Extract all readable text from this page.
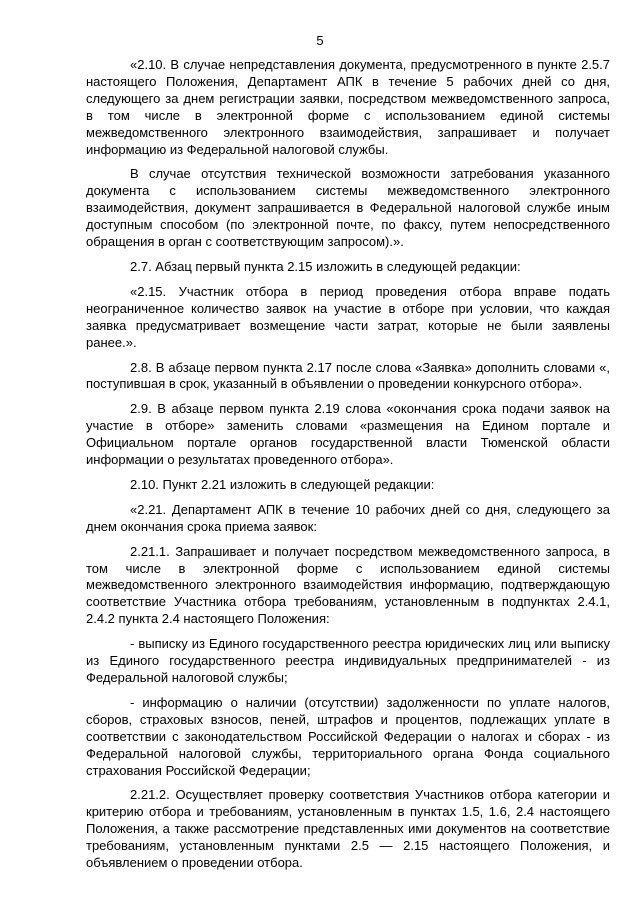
5

«2.10. В случае непредставления документа, предусмотренного в пункте 2.5.7 настоящего Положения, Департамент АПК в течение 5 рабочих дней со дня, следующего за днем регистрации заявки, посредством межведомственного запроса, в том числе в электронной форме с использованием единой системы межведомственного электронного взаимодействия, запрашивает и получает информацию из Федеральной налоговой службы.

В случае отсутствия технической возможности затребования указанного документа с использованием системы межведомственного электронного взаимодействия, документ запрашивается в Федеральной налоговой службе иным доступным способом (по электронной почте, по факсу, путем непосредственного обращения в орган с соответствующим запросом).».

2.7. Абзац первый пункта 2.15 изложить в следующей редакции:

«2.15. Участник отбора в период проведения отбора вправе подать неограниченное количество заявок на участие в отборе при условии, что каждая заявка предусматривает возмещение части затрат, которые не были заявлены ранее.».

2.8. В абзаце первом пункта 2.17 после слова «Заявка» дополнить словами «, поступившая в срок, указанный в объявлении о проведении конкурсного отбора».

2.9. В абзаце первом пункта 2.19 слова «окончания срока подачи заявок на участие в отборе» заменить словами «размещения на Едином портале и Официальном портале органов государственной власти Тюменской области информации о результатах проведенного отбора».

2.10. Пункт 2.21 изложить в следующей редакции:

«2.21. Департамент АПК в течение 10 рабочих дней со дня, следующего за днем окончания срока приема заявок:

2.21.1. Запрашивает и получает посредством межведомственного запроса, в том числе в электронной форме с использованием единой системы межведомственного электронного взаимодействия информацию, подтверждающую соответствие Участника отбора требованиям, установленным в подпунктах 2.4.1, 2.4.2 пункта 2.4 настоящего Положения:

- выписку из Единого государственного реестра юридических лиц или выписку из Единого государственного реестра индивидуальных предпринимателей - из Федеральной налоговой службы;

- информацию о наличии (отсутствии) задолженности по уплате налогов, сборов, страховых взносов, пеней, штрафов и процентов, подлежащих уплате в соответствии с законодательством Российской Федерации о налогах и сборах - из Федеральной налоговой службы, территориального органа Фонда социального страхования Российской Федерации;

2.21.2. Осуществляет проверку соответствия Участников отбора категории и критерию отбора и требованиям, установленным в пунктах 1.5, 1.6, 2.4 настоящего Положения, а также рассмотрение представленных ими документов на соответствие требованиям, установленным пунктами 2.5 — 2.15 настоящего Положения, и объявлением о проведении отбора.
